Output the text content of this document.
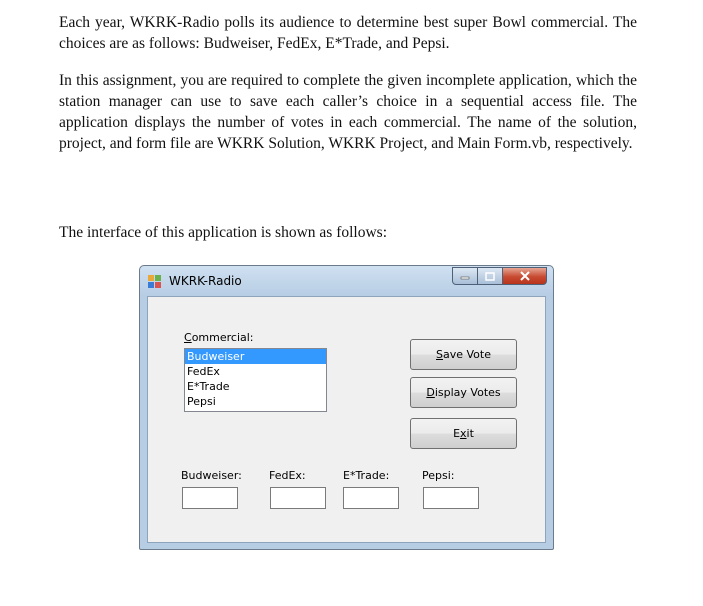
Each year, WKRK-Radio polls its audience to determine best super Bowl commercial. The choices are as follows: Budweiser, FedEx, E*Trade, and Pepsi.

In this assignment, you are required to complete the given incomplete application, which the station manager can use to save each caller’s choice in a sequential access file. The application displays the number of votes in each commercial. The name of the solution, project, and form file are WKRK Solution, WKRK Project, and Main Form.vb, respectively.

The interface of this application is shown as follows:

WKRK-Radio
Commercial:
Budweiser
FedEx
E*Trade
Pepsi
S ave Vote
D isplay Votes
E x it
Budweiser: FedEx:	E*Trade:	Pepsi:
